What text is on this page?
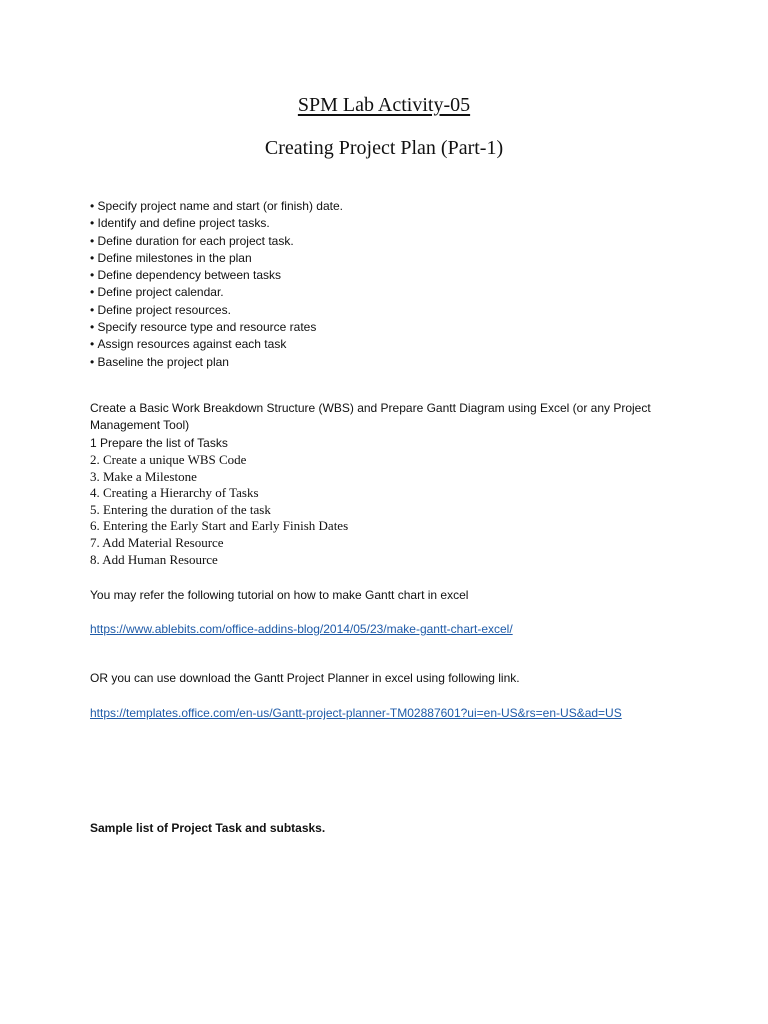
SPM Lab Activity-05
Creating Project Plan (Part-1)
• Specify project name and start (or finish) date.
• Identify and define project tasks.
• Define duration for each project task.
• Define milestones in the plan
• Define dependency between tasks
• Define project calendar.
• Define project resources.
• Specify resource type and resource rates
• Assign resources against each task
• Baseline the project plan

Create a Basic Work Breakdown Structure (WBS) and Prepare Gantt Diagram using Excel (or any Project Management Tool)

1 Prepare the list of Tasks
2. Create a unique WBS Code
3. Make a Milestone
4. Creating a Hierarchy of Tasks
5. Entering the duration of the task
6. Entering the Early Start and Early Finish Dates
7. Add Material Resource
8. Add Human Resource

You may refer the following tutorial on how to make Gantt chart in excel

https://www.ablebits.com/office-addins-blog/2014/05/23/make-gantt-chart-excel/

OR you can use download the Gantt Project Planner in excel using following link.

https://templates.office.com/en-us/Gantt-project-planner-TM02887601?ui=en-US&rs=en-US&ad=US

Sample list of Project Task and subtasks.
